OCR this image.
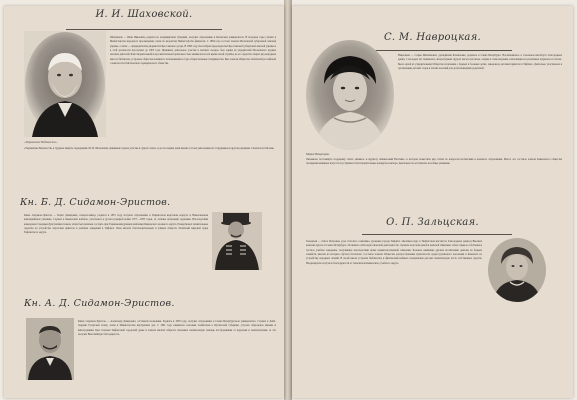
И. И. Шаховской.

Шаховской — Иван Иванович, родился во владимирской губернии, получил образование в Казанском университете. В молодые годы служил в Министерстве народного просвещения, затем по ведомству Министерства финансов. С 1884 года состоял членом Московской губернской земской управы, а затем — предводителем дворянства Ярославского уезда. В 1893 году был избран председателем Ярославской губернской земской управы и в этой должности прослужил до 1903 года. Принимал деятельное участие в земских съездах, был одним из учредителей Московского кружка земских деятелей. Благотворительной и просветительной деятельностью занимался во всё время своей службы; на его средства открыт ряд народных школ и библиотек, устроены общества взаимного вспоможения и ссудо-сберегательные товарищества. Был членом Общества любителей российской словесности и Московского юридического общества.

«Украинские Ведомости».

«Украинские Ведомости» в трудные минуты поддерживал И. И. Шаховской, принимая горячее участие в судьбе газеты, и до последних дней жизни состоял деятельным её сотрудником и другом редакции. Скончался в Москве.

Кн. Б. Д. Сидамон-Эристов.

Князь Сидамон-Эристов — Борис Давидович, генерал-майор, родился в 1855 году, получил образование в Тифлисском кадетском корпусе и Николаевском кавалерийском училище. Служил в Кавказских войсках, участвовал в русско-турецкой войне 1877—1878 годов, за отличие награждён орденами. Впоследствии командовал Сводным Драгунским полком, затем был назначен состоять при Главнокомандующем войсками Кавказского военного округа. Пожертвовал значительные средства на устройство сиротских приютов и учебных заведений в Тифлисе. Член многих благотворительных и учёных обществ. Почётный мировой судья Тифлисского округа.

Кн. А. Д. Сидамон-Эристов.

Князь Сидамон-Эристов — Александр Давидович, отставной полковник. Родился в 1858 году, получил образование в Санкт-Петербургском университете. Служил в Лейб-гвардии Гусарском полку, затем в Министерстве внутренних дел. С 1891 года занимался сельским хозяйством в Кутаисской губернии, устроил образцовое имение и виноградники. Был гласным Тифлисской городской думы и членом многих обществ. Оказывал значительную помощь пострадавшим от неурожая и землетрясения, за что получил Высочайшую благодарность.

С. М. Навроцкая.

Навроцкая — Софья Михайловна, урождённая Бахметьева, родилась в Санкт-Петербурге. Воспитывалась в Смольном институте благородных девиц. С молодых лет занималась литературным трудом: писала рассказы, очерки и стихотворения, печатавшиеся в различных журналах и газетах. Была одной из учредительниц Общества попечения о бедных и больных детях, заведовала детским приютом в Тифлисе. Деятельно участвовала в организации детских садов и летних колоний для детей неимущих родителей.

Мария Навроцкая.

Оказывала постоянную поддержку газете «Кавказ» и журналу «Кавказский Вестник», в котором поместила ряд статей по вопросам воспитания и женского образования. Много лет состояла членом Кавказского общества поощрения изящных искусств и устраивала благотворительные концерты и вечера. Деятельность её снискала всеобщее уважение.

О. П. Зальцская.

Зальцская — Ольга Петровна, дочь статского советника, уроженка города Тифлиса. Окончила курс в Тифлисском институте благородных девиц и Высших женских курсах в Санкт-Петербурге. Посвятила себя педагогической деятельности: служила классной дамой в женской гимназии, затем открыла собственное частное учебное заведение, получившее впоследствии права правительственной гимназии. Большое внимание уделяла воспитанию девочек из бедных семейств, многих из которых обучала бесплатно. Состояла членом Общества распространения грамотности среди грузинского населения и Комитета по устройству народных чтений. В своей школе устроила библиотеку и физический кабинет, пожертвовав для них значительную часть собственных средств. Неоднократно получала благодарности от попечителя Кавказского учебного округа.
